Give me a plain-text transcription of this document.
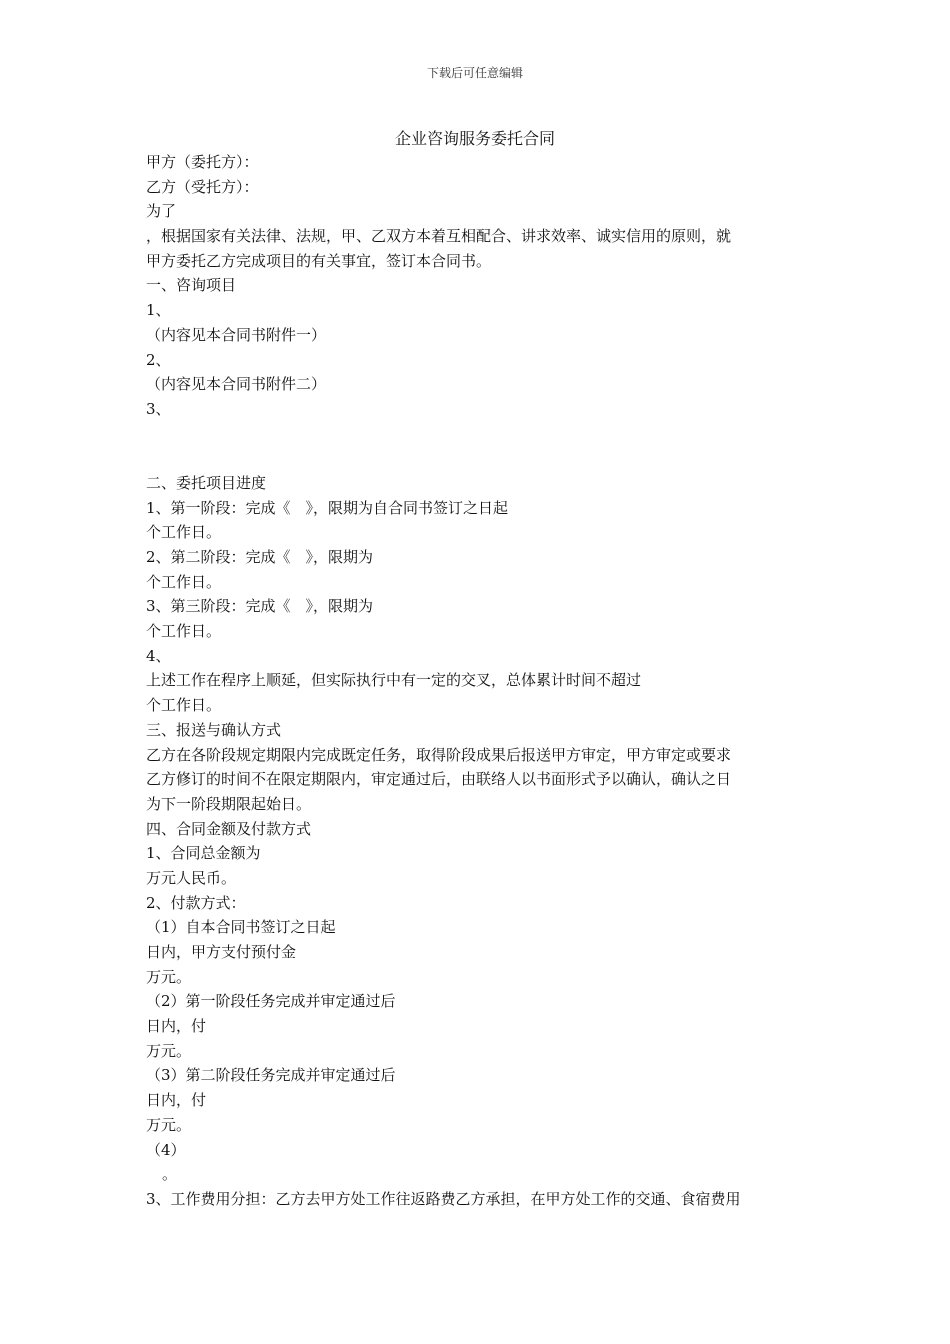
下载后可任意编辑
企业咨询服务委托合同
甲方（委托方）：
乙方（受托方）：
为了
，根据国家有关法律、法规，甲、乙双方本着互相配合、讲求效率、诚实信用的原则，就
甲方委托乙方完成项目的有关事宜，签订本合同书。
一、咨询项目
1、
（内容见本合同书附件一）
2、
（内容见本合同书附件二）
3、
二、委托项目进度
1、第一阶段：完成《　》，限期为自合同书签订之日起
个工作日。
2、第二阶段：完成《　》，限期为
个工作日。
3、第三阶段：完成《　》，限期为
个工作日。
4、
上述工作在程序上顺延，但实际执行中有一定的交叉，总体累计时间不超过
个工作日。
三、报送与确认方式
乙方在各阶段规定期限内完成既定任务，取得阶段成果后报送甲方审定，甲方审定或要求
乙方修订的时间不在限定期限内，审定通过后，由联络人以书面形式予以确认，确认之日
为下一阶段期限起始日。
四、合同金额及付款方式
1、合同总金额为
万元人民币。
2、付款方式：
（1）自本合同书签订之日起
日内，甲方支付预付金
万元。
（2）第一阶段任务完成并审定通过后
日内，付
万元。
（3）第二阶段任务完成并审定通过后
日内，付
万元。
（4）
。
3、工作费用分担：乙方去甲方处工作往返路费乙方承担，在甲方处工作的交通、食宿费用
